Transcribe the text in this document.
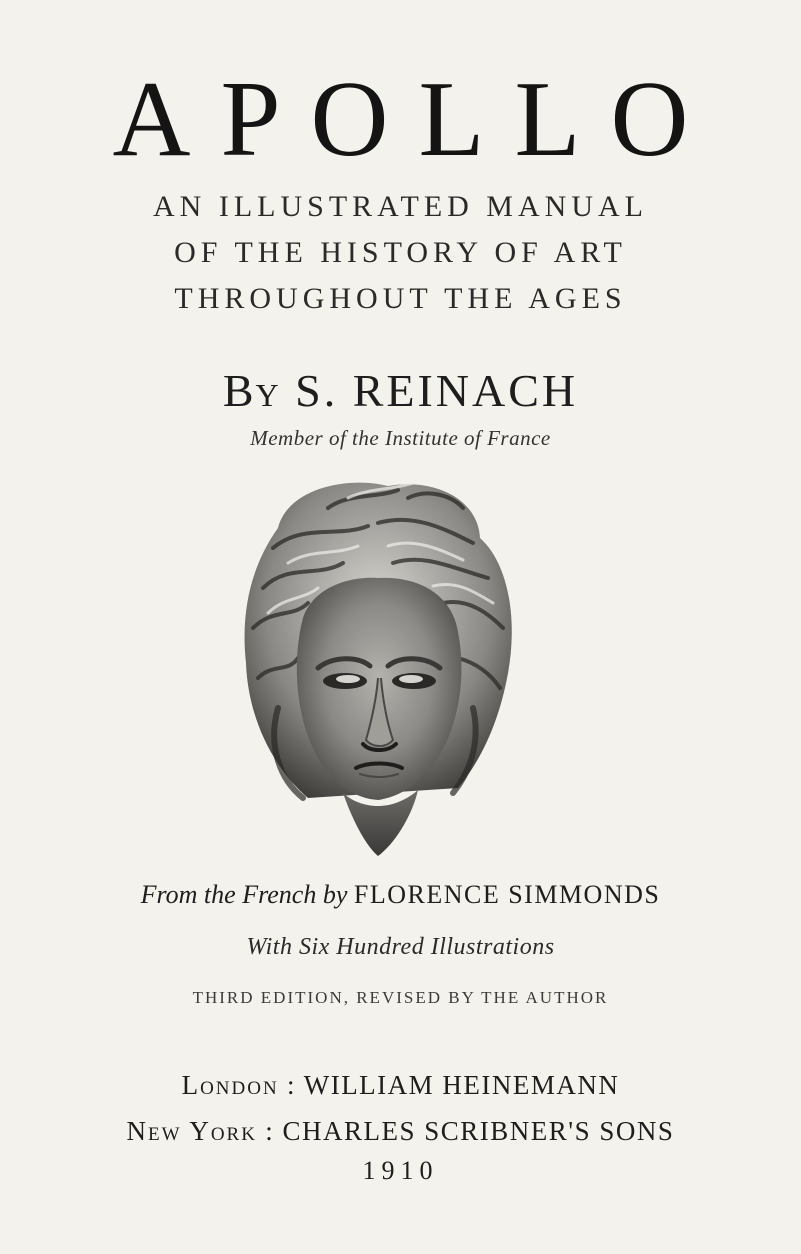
APOLLO
AN ILLUSTRATED MANUAL
OF THE HISTORY OF ART
THROUGHOUT THE AGES
By S. REINACH
Member of the Institute of France
From the French by FLORENCE SIMMONDS
With Six Hundred Illustrations
THIRD EDITION, REVISED BY THE AUTHOR
London : WILLIAM HEINEMANN
New York : CHARLES SCRIBNER'S SONS
1910
